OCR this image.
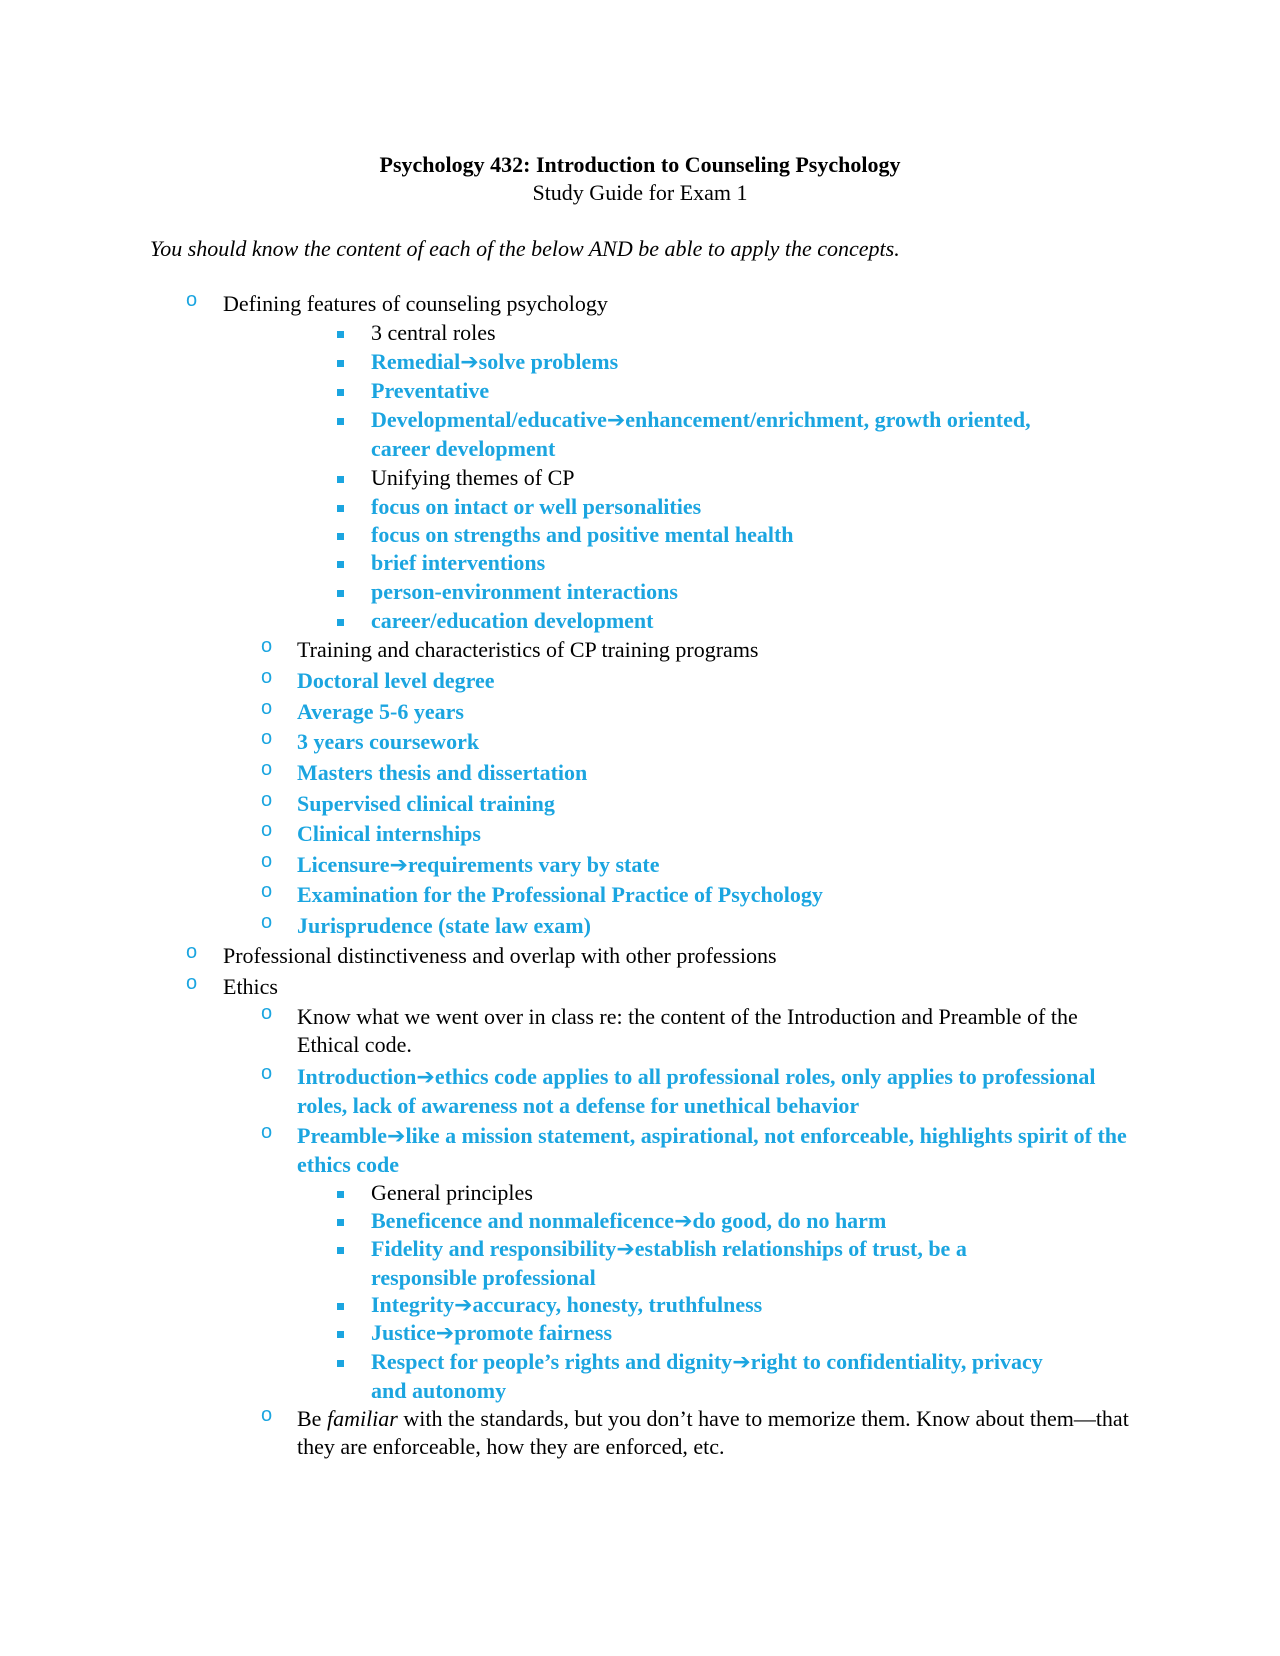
Psychology 432: Introduction to Counseling Psychology
Study Guide for Exam 1
You should know the content of each of the below AND be able to apply the concepts.
o Defining features of counseling psychology
3 central roles
Remedial➔solve problems
Preventative
Developmental/educative➔enhancement/enrichment, growth oriented, career development
Unifying themes of CP
focus on intact or well personalities
focus on strengths and positive mental health
brief interventions
person-environment interactions
career/education development
o Training and characteristics of CP training programs
o Doctoral level degree
o Average 5-6 years
o 3 years coursework
o Masters thesis and dissertation
o Supervised clinical training
o Clinical internships
o Licensure➔requirements vary by state
o Examination for the Professional Practice of Psychology
o Jurisprudence (state law exam)
o Professional distinctiveness and overlap with other professions
o Ethics
o Know what we went over in class re: the content of the Introduction and Preamble of the Ethical code.
o Introduction➔ethics code applies to all professional roles, only applies to professional roles, lack of awareness not a defense for unethical behavior
o Preamble➔like a mission statement, aspirational, not enforceable, highlights spirit of the ethics code
General principles
Beneficence and nonmaleficence➔do good, do no harm
Fidelity and responsibility➔establish relationships of trust, be a responsible professional
Integrity➔accuracy, honesty, truthfulness
Justice➔promote fairness
Respect for people’s rights and dignity➔right to confidentiality, privacy and autonomy
o Be familiar with the standards, but you don’t have to memorize them. Know about them—that they are enforceable, how they are enforced, etc.
